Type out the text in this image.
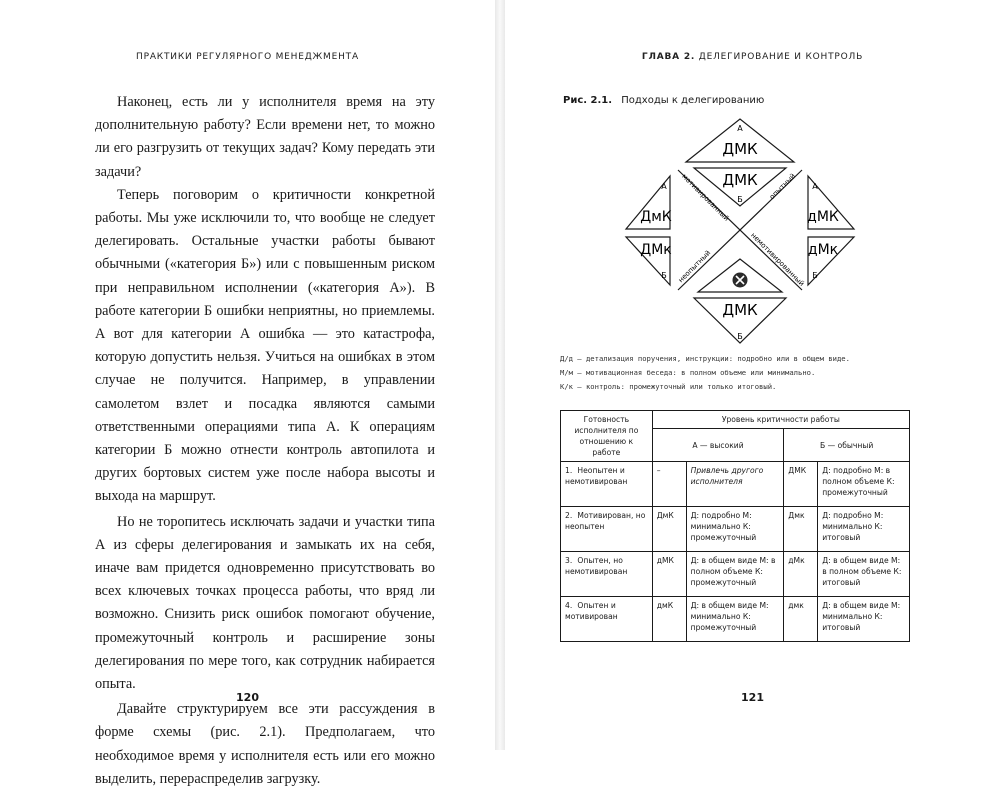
ПРАКТИКИ РЕГУЛЯРНОГО МЕНЕДЖМЕНТА

Наконец, есть ли у исполнителя время на эту дополнительную работу? Если времени нет, то можно ли его разгрузить от текущих задач? Кому передать эти задачи?

Теперь поговорим о критичности конкретной работы. Мы уже исключили то, что вообще не следует делегировать. Остальные участки работы бывают обычными («категория Б») или с повышенным риском при неправильном исполнении («категория А»). В работе категории Б ошибки неприятны, но приемлемы. А вот для категории А ошибка — это катастрофа, которую допустить нельзя. Учиться на ошибках в этом случае не получится. Например, в управлении самолетом взлет и посадка являются самыми ответственными операциями типа А. К операциям категории Б можно отнести контроль автопилота и других бортовых систем уже после набора высоты и выхода на маршрут.

Но не торопитесь исключать задачи и участки типа А из сферы делегирования и замыкать их на себя, иначе вам придется одновременно присутствовать во всех ключевых точках процесса работы, что вряд ли возможно. Снизить риск ошибок помогают обучение, промежуточный контроль и расширение зоны делегирования по мере того, как сотрудник набирается опыта.

Давайте структурируем все эти рассуждения в форме схемы (рис. 2.1). Предполагаем, что необходимое время у исполнителя есть или его можно выделить, перераспределив загрузку.

120
ГЛАВА 2. ДЕЛЕГИРОВАНИЕ И КОНТРОЛЬ
Рис. 2.1. Подходы к делегированию
ДМК
ДМК
ДмК
ДМк
дМК
дМк
ДМК
А
Б
А
Б
А
Б
Б
мотивированный	опытный
неопытный	немотивированный
Д/д — детализация поручения, инструкции: подробно или в общем виде.
М/м — мотивационная беседа: в полном объеме или минимально.
К/к — контроль: промежуточный или только итоговый.
Готовность исполнителя по отношению к работе	Уровень критичности работы			
	А — высокий		Б — обычный	
1. Неопытен и немотивирован	–	Привлечь другого исполнителя	ДМК	Д: подробно М: в полном объеме К: промежуточный
2. Мотивирован, но неопытен	ДмК	Д: подробно М: минимально К: промежуточный	Дмк	Д: подробно М: минимально К: итоговый
3. Опытен, но немотивирован	дМК	Д: в общем виде М: в полном объеме К: промежуточный	дМк	Д: в общем виде М: в полном объеме К: итоговый
4. Опытен и мотивирован	дмК	Д: в общем виде М: минимально К: промежуточный	дмк	Д: в общем виде М: минимально К: итоговый
121
